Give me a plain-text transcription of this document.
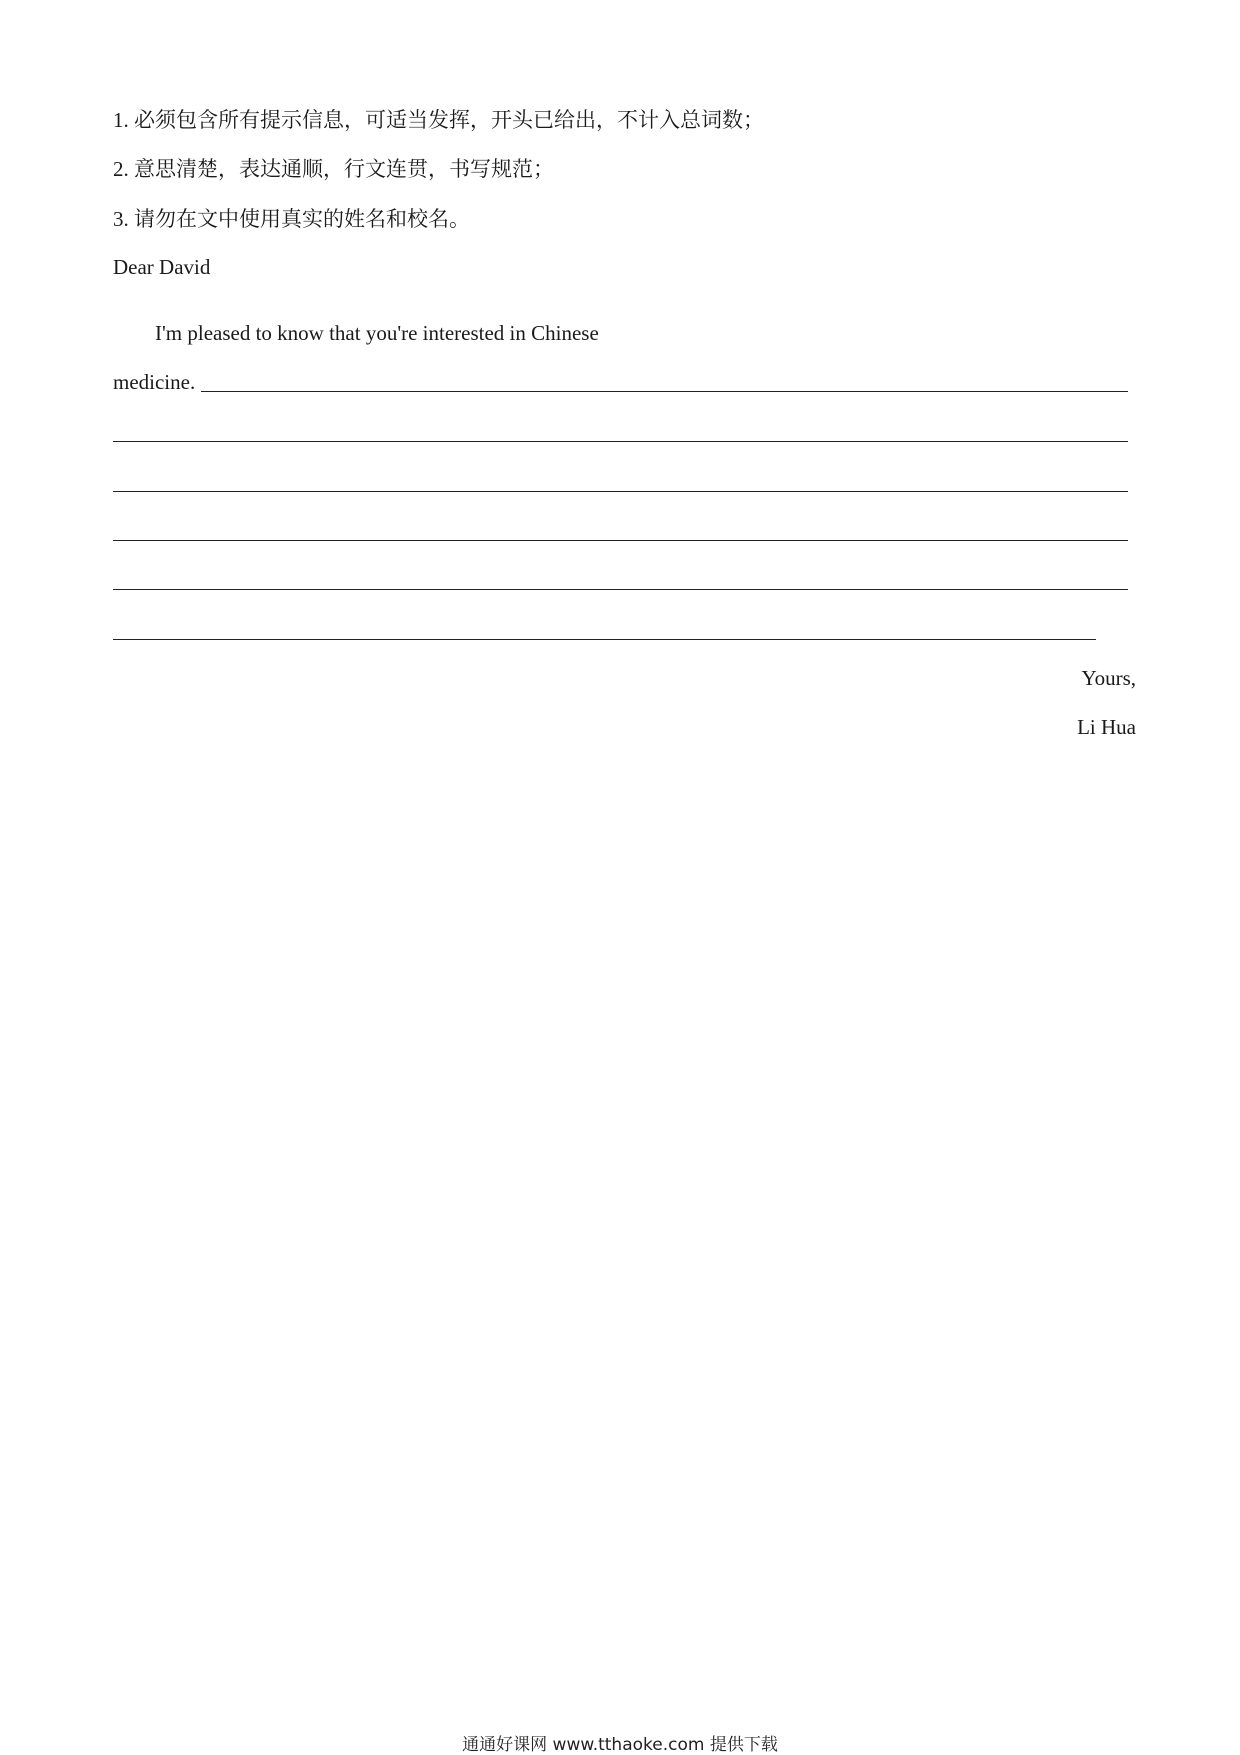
1. 必须包含所有提示信息，可适当发挥，开头已给出，不计入总词数；
2. 意思清楚，表达通顺，行文连贯，书写规范；
3. 请勿在文中使用真实的姓名和校名。
Dear David
I'm pleased to know that you're interested in Chinese
medicine.
Yours,
Li Hua
通通好课网 www.tthaoke.com 提供下载
